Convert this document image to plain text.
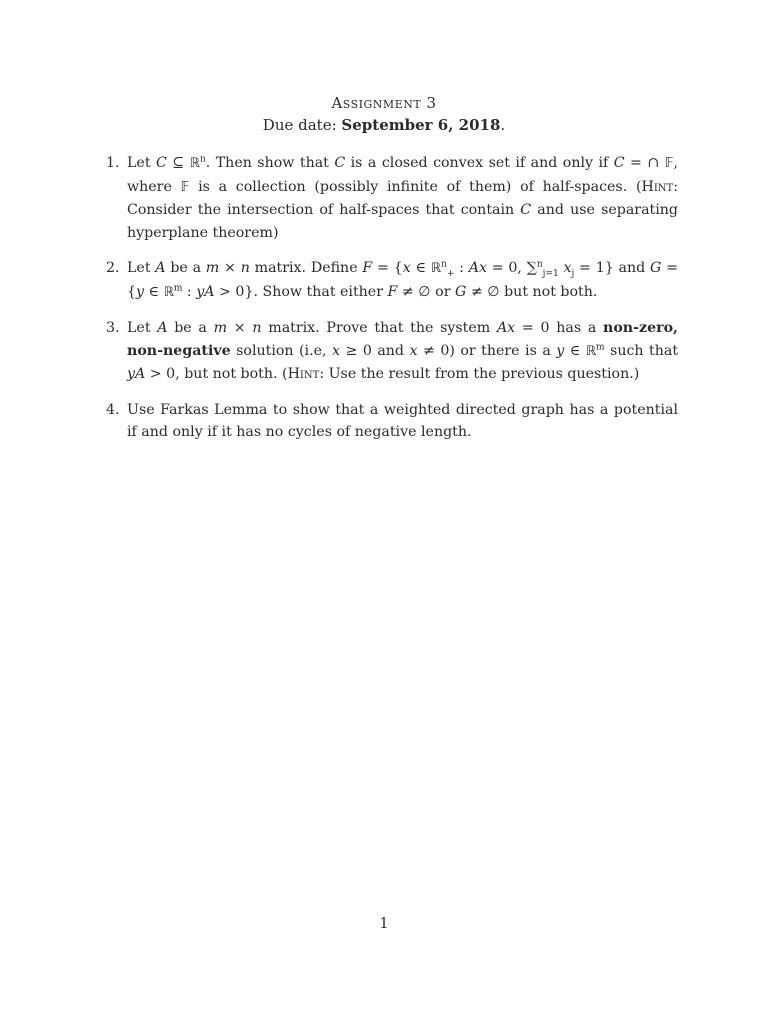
Assignment 3
Due date: September 6, 2018.
1. Let C ⊆ ℝ$^n$. Then show that C is a closed convex set if and only if C = ∩ 𝔽, where 𝔽 is a collection (possibly infinite of them) of half-spaces. (Hint: Consider the intersection of half-spaces that contain C and use separating hyperplane theorem)
2. Let A be a m × n matrix. Define F = {x ∈ ℝ$^n_+$ : Ax = 0, ∑$^n_{j=1}$ $x_j = 1$} and G = {y ∈ ℝ$^m$ : yA > 0}. Show that either F ≠ ∅ or G ≠ ∅ but not both.
3. Let A be a m × n matrix. Prove that the system Ax = 0 has a non-zero, non-negative solution (i.e, x ≥ 0 and x ≠ 0) or there is a y ∈ ℝ$^m$ such that yA > 0, but not both. (Hint: Use the result from the previous question.)
4. Use Farkas Lemma to show that a weighted directed graph has a potential if and only if it has no cycles of negative length.
1
